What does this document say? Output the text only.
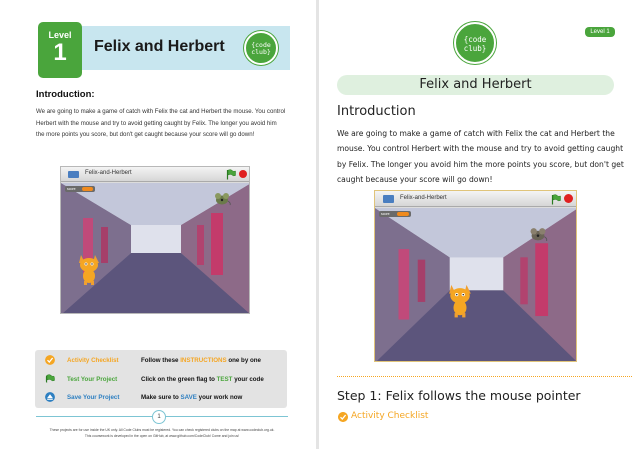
Level
1	Felix and Herbert	{code
club}
Introduction:
We are going to make a game of catch with Felix the cat and Herbert the mouse. You control Herbert with the mouse and try to avoid getting caught by Felix. The longer you avoid him the more points you score, but don't get caught because your score will go down!
Felix-and-Herbert
score
Activity Checklist	Follow these INSTRUCTIONS one by one
Test Your Project	Click on the green flag to TEST your code
Save Your Project	Make sure to SAVE your work now
1
These projects are for use inside the UK only. All Code Clubs must be registered. You can check registered clubs on the map at www.codeclub.org.uk.
This coursework is developed in the open on GitHub, at www.github.com/CodeClub/ Come and join us!
Level 1
{code
club}
Felix and Herbert
Introduction
We are going to make a game of catch with Felix the cat and Herbert the mouse. You control Herbert with the mouse and try to avoid getting caught by Felix. The longer you avoid him the more points you score, but don't get caught because your score will go down!
Felix-and-Herbert
score
Step 1: Felix follows the mouse pointer
Activity Checklist
